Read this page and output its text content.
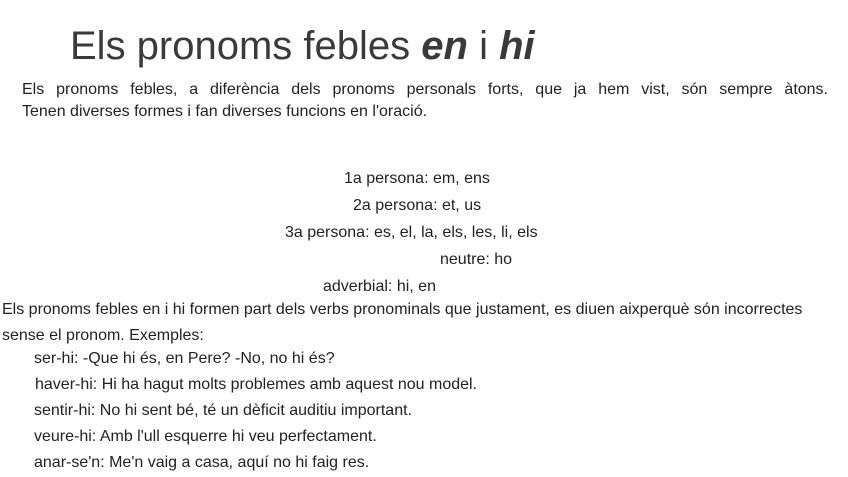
Els pronoms febles en i hi
Els pronoms febles, a diferència dels pronoms personals forts, que ja hem vist, són sempre àtons.
Tenen diverses formes i fan diverses funcions en l'oració.
1a persona: em, ens
2a persona: et, us
3a persona: es, el, la, els, les, li, els
neutre: ho
adverbial: hi, en
Els pronoms febles en i hi formen part dels verbs pronominals que justament, es diuen aixperquè són incorrectes sense el pronom. Exemples:
ser-hi: -Que hi és, en Pere? -No, no hi és?
haver-hi: Hi ha hagut molts problemes amb aquest nou model.
sentir-hi: No hi sent bé, té un dèficit auditiu important.
veure-hi: Amb l'ull esquerre hi veu perfectament.
anar-se'n: Me'n vaig a casa, aquí no hi faig res.
